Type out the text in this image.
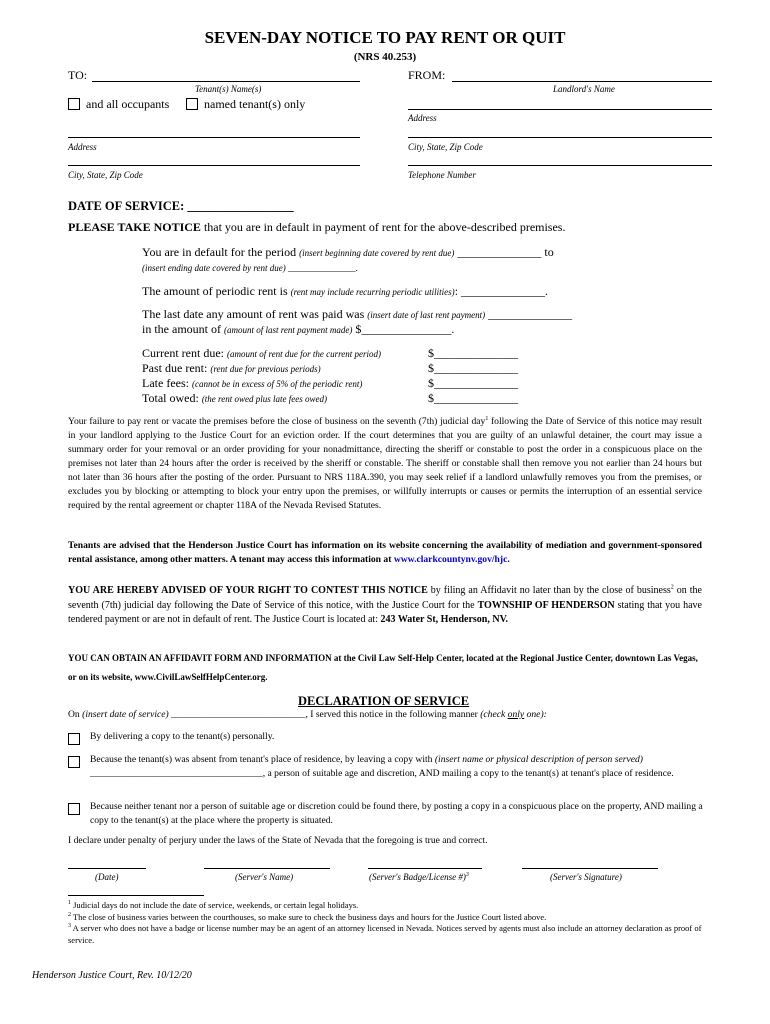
SEVEN-DAY NOTICE TO PAY RENT OR QUIT
(NRS 40.253)
TO:
Tenant(s) Name(s)
and all occupants	named tenant(s) only
Address
City, State, Zip Code
FROM:
Landlord's Name
Address
City, State, Zip Code
Telephone Number
DATE OF SERVICE: _________________
PLEASE TAKE NOTICE that you are in default in payment of rent for the above-described premises.
You are in default for the period (insert beginning date covered by rent due) ______________ to
(insert ending date covered by rent due) _______________.
The amount of periodic rent is (rent may include recurring periodic utilities): ______________.
The last date any amount of rent was paid was (insert date of last rent payment) ______________
in the amount of (amount of last rent payment made) $_______________.
Current rent due: (amount of rent due for the current period)	$______________
Past due rent: (rent due for previous periods)	$______________
Late fees: (cannot be in excess of 5% of the periodic rent)	$______________
Total owed: (the rent owed plus late fees owed)	$______________
Your failure to pay rent or vacate the premises before the close of business on the seventh (7th) judicial day$^1$ following the Date of Service of this notice may result in your landlord applying to the Justice Court for an eviction order. If the court determines that you are guilty of an unlawful detainer, the court may issue a summary order for your removal or an order providing for your nonadmittance, directing the sheriff or constable to post the order in a conspicuous place on the premises not later than 24 hours after the order is received by the sheriff or constable. The sheriff or constable shall then remove you not earlier than 24 hours but not later than 36 hours after the posting of the order. Pursuant to NRS 118A.390, you may seek relief if a landlord unlawfully removes you from the premises, or excludes you by blocking or attempting to block your entry upon the premises, or willfully interrupts or causes or permits the interruption of an essential service required by the rental agreement or chapter 118A of the Nevada Revised Statutes.
Tenants are advised that the Henderson Justice Court has information on its website concerning the availability of mediation and government-sponsored rental assistance, among other matters. A tenant may access this information at www.clarkcountynv.gov/hjc.
YOU ARE HEREBY ADVISED OF YOUR RIGHT TO CONTEST THIS NOTICE by filing an Affidavit no later than by the close of business$^2$ on the seventh (7th) judicial day following the Date of Service of this notice, with the Justice Court for the TOWNSHIP OF HENDERSON stating that you have tendered payment or are not in default of rent. The Justice Court is located at: 243 Water St, Henderson, NV.
YOU CAN OBTAIN AN AFFIDAVIT FORM AND INFORMATION at the Civil Law Self-Help Center, located at the Regional Justice Center, downtown Las Vegas, or on its website, www.CivilLawSelfHelpCenter.org.
DECLARATION OF SERVICE
On (insert date of service) ____________________________, I served this notice in the following manner (check only one):
By delivering a copy to the tenant(s) personally.
Because the tenant(s) was absent from tenant's place of residence, by leaving a copy with (insert name or physical description of person served) ____________________________________, a person of suitable age and discretion, AND mailing a copy to the tenant(s) at tenant's place of residence.
Because neither tenant nor a person of suitable age or discretion could be found there, by posting a copy in a conspicuous place on the property, AND mailing a copy to the tenant(s) at the place where the property is situated.
I declare under penalty of perjury under the laws of the State of Nevada that the foregoing is true and correct.
(Date)	(Server's Name)	(Server's Badge/License #)$^3$	(Server's Signature)
$^1$ Judicial days do not include the date of service, weekends, or certain legal holidays.
$^2$ The close of business varies between the courthouses, so make sure to check the business days and hours for the Justice Court listed above.
$^3$ A server who does not have a badge or license number may be an agent of an attorney licensed in Nevada. Notices served by agents must also include an attorney declaration as proof of service.
Henderson Justice Court, Rev. 10/12/20
